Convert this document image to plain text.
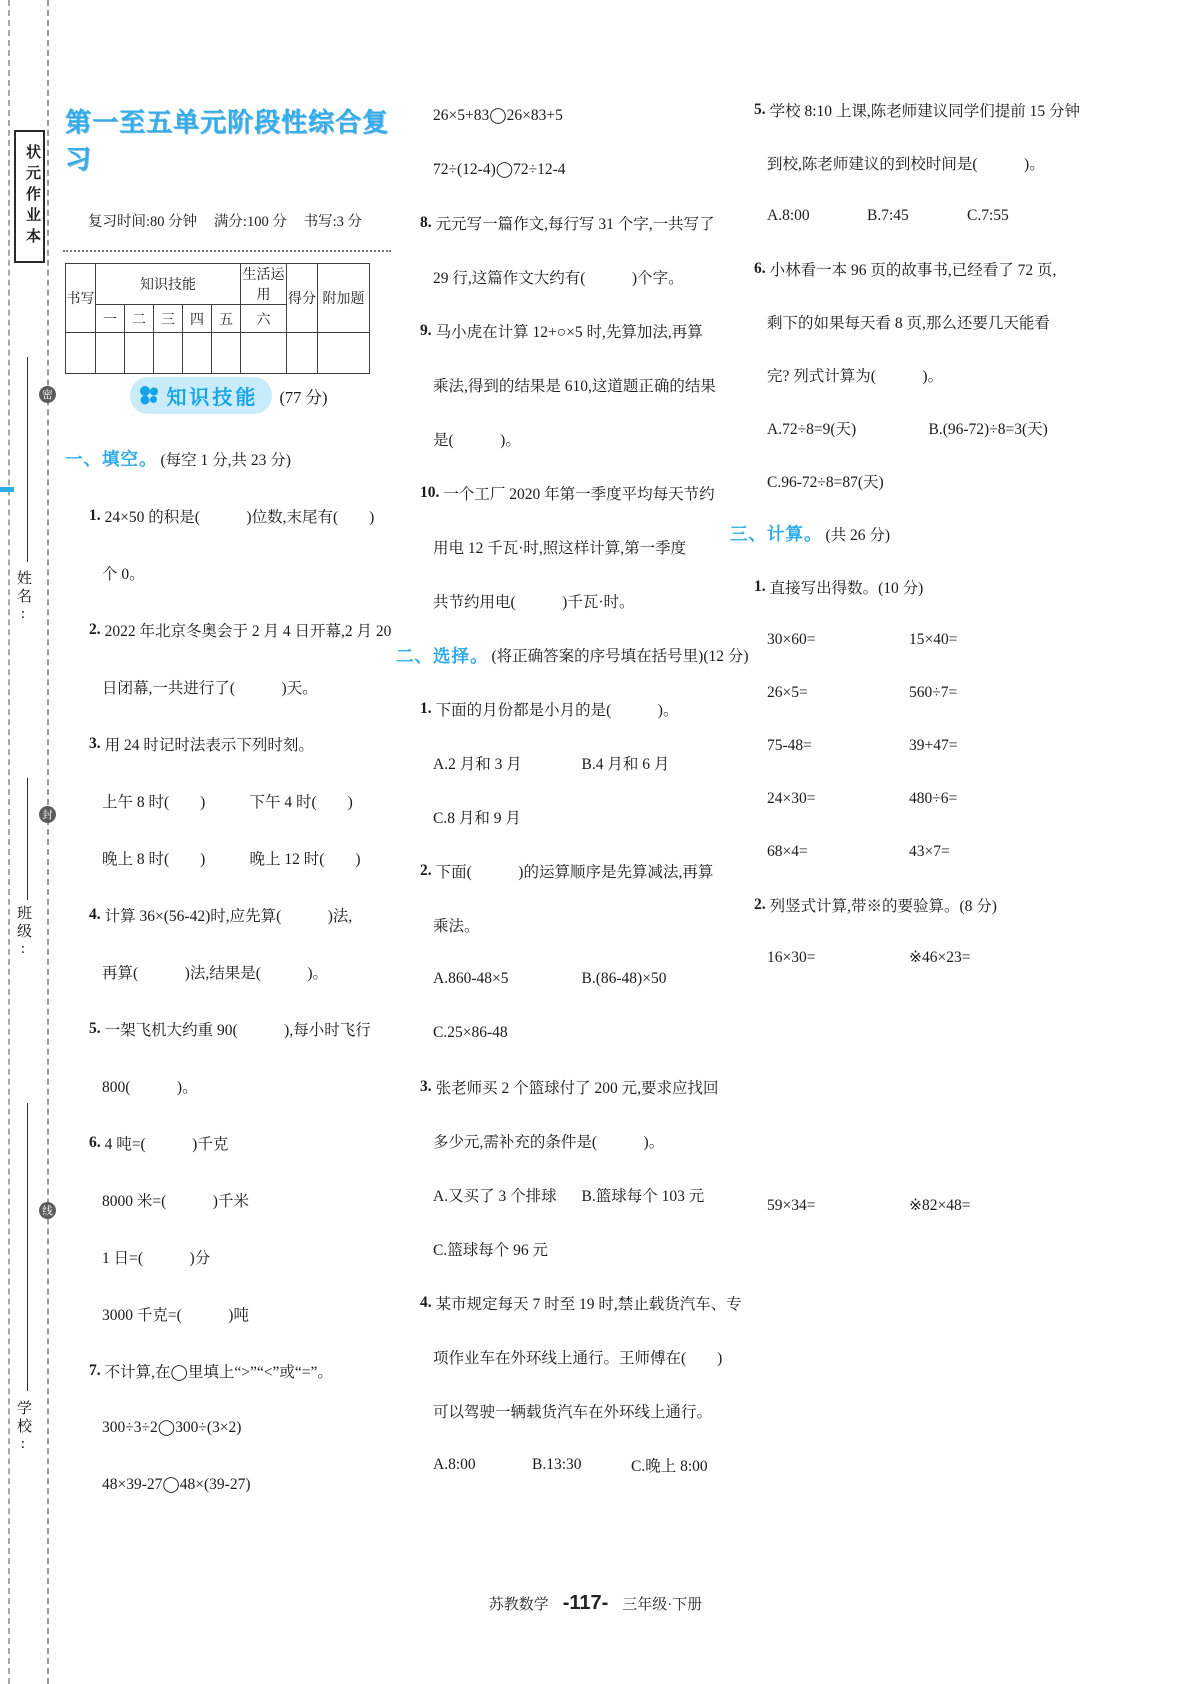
状元作业本
姓名:
班级:
学校:
密
封
线
第一至五单元阶段性综合复习
复习时间:80 分钟 满分:100 分 书写:3 分
书写	知识技能					生活运用	得分	附加题
	一	二	三	四	五	六		

知识技能 (77 分)
一、填空。 (每空 1 分,共 23 分)
1. 24×50 的积是(　　　)位数,末尾有(　　)
个 0。
2. 2022 年北京冬奥会于 2 月 4 日开幕,2 月 20
日闭幕,一共进行了(　　　)天。
3. 用 24 时记时法表示下列时刻。
上午 8 时(　　)	下午 4 时(　　)
晚上 8 时(　　)	晚上 12 时(　　)
4. 计算 36×(56-42)时,应先算(　　　)法,
再算(　　　)法,结果是(　　　)。
5. 一架飞机大约重 90(　　　),每小时飞行
800(　　　)。
6. 4 吨=(　　　)千克
8000 米=(　　　)千米
1 日=(　　　)分
3000 千克=(　　　)吨
7. 不计算,在◯里填上“>”“<”或“=”。
300÷3÷2◯300÷(3×2)
48×39-27◯48×(39-27)
26×5+83◯26×83+5
72÷(12-4)◯72÷12-4
8. 元元写一篇作文,每行写 31 个字,一共写了
29 行,这篇作文大约有(　　　)个字。
9. 马小虎在计算 12+○×5 时,先算加法,再算
乘法,得到的结果是 610,这道题正确的结果
是(　　　)。
10. 一个工厂 2020 年第一季度平均每天节约
用电 12 千瓦·时,照这样计算,第一季度
共节约用电(　　　)千瓦·时。
二、选择。 (将正确答案的序号填在括号里)(12 分)
1. 下面的月份都是小月的是(　　　)。
A.2 月和 3 月	B.4 月和 6 月
C.8 月和 9 月
2. 下面(　　　)的运算顺序是先算减法,再算
乘法。
A.860-48×5	B.(86-48)×50
C.25×86-48
3. 张老师买 2 个篮球付了 200 元,要求应找回
多少元,需补充的条件是(　　　)。
A.又买了 3 个排球	B.篮球每个 103 元
C.篮球每个 96 元
4. 某市规定每天 7 时至 19 时,禁止载货汽车、专
项作业车在外环线上通行。王师傅在(　　)
可以驾驶一辆载货汽车在外环线上通行。
A.8:00	B.13:30	C.晚上 8:00
5. 学校 8:10 上课,陈老师建议同学们提前 15 分钟
到校,陈老师建议的到校时间是(　　　)。
A.8:00	B.7:45	C.7:55
6. 小林看一本 96 页的故事书,已经看了 72 页,
剩下的如果每天看 8 页,那么还要几天能看
完? 列式计算为(　　　)。
A.72÷8=9(天)	B.(96-72)÷8=3(天)
C.96-72÷8=87(天)
三、计算。 (共 26 分)
1. 直接写出得数。(10 分)
30×60=	15×40=
26×5=	560÷7=
75-48=	39+47=
24×30=	480÷6=
68×4=	43×7=
2. 列竖式计算,带※的要验算。(8 分)
16×30=	※46×23=
59×34=	※82×48=
苏教数学 -117- 三年级·下册
